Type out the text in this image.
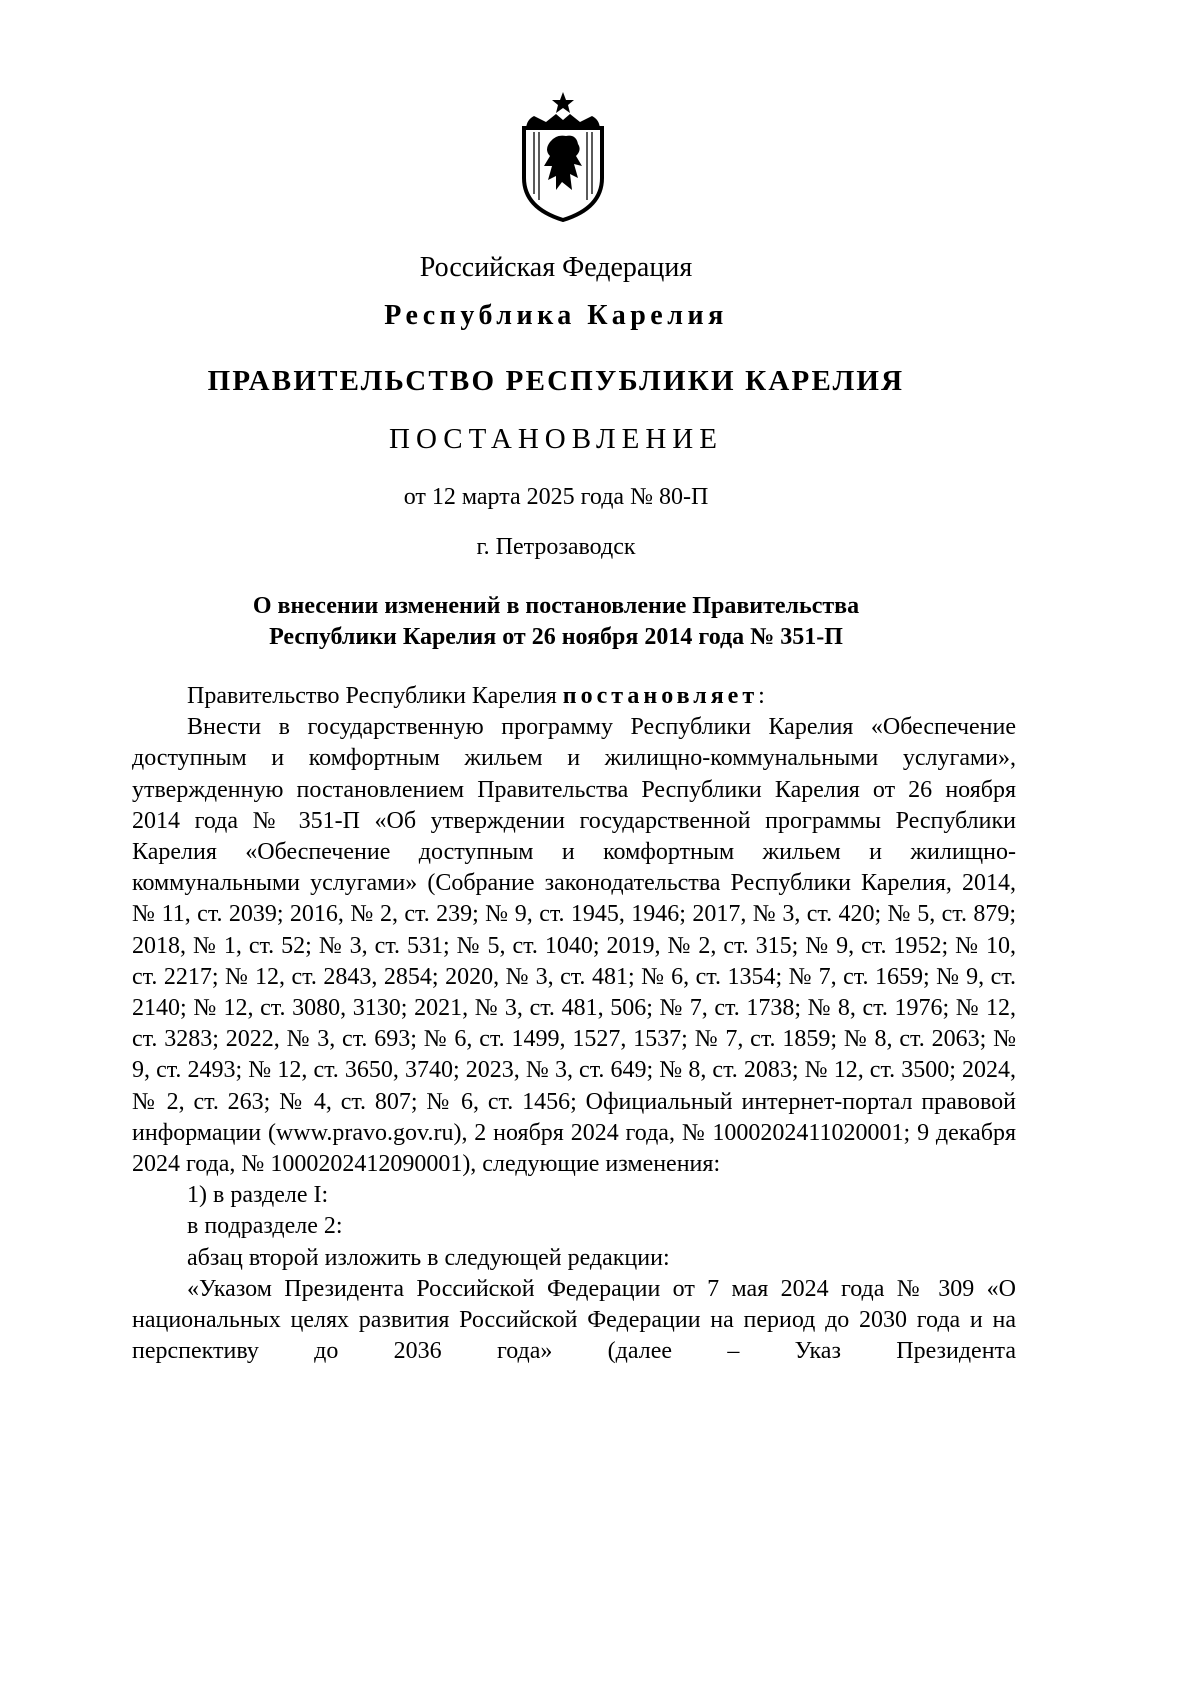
Российская Федерация
Республика Карелия
ПРАВИТЕЛЬСТВО РЕСПУБЛИКИ КАРЕЛИЯ
ПОСТАНОВЛЕНИЕ
от 12 марта 2025 года № 80-П
г. Петрозаводск
О внесении изменений в постановление Правительства
Республики Карелия от 26 ноября 2014 года № 351-П

Правительство Республики Карелия постановляет:

Внести в государственную программу Республики Карелия «Обеспечение доступным и комфортным жильем и жилищно-коммунальными услугами», утвержденную постановлением Правительства Республики Карелия от 26 ноября 2014 года № 351-П «Об утверждении государственной программы Республики Карелия «Обеспечение доступным и комфортным жильем и жилищно-коммунальными услугами» (Собрание законодательства Республики Карелия, 2014, № 11, ст. 2039; 2016, № 2, ст. 239; № 9, ст. 1945, 1946; 2017, № 3, ст. 420; № 5, ст. 879; 2018, № 1, ст. 52; № 3, ст. 531; № 5, ст. 1040; 2019, № 2, ст. 315; № 9, ст. 1952; № 10, ст. 2217; № 12, ст. 2843, 2854; 2020, № 3, ст. 481; № 6, ст. 1354; № 7, ст. 1659; № 9, ст. 2140; № 12, ст. 3080, 3130; 2021, № 3, ст. 481, 506; № 7, ст. 1738; № 8, ст. 1976; № 12, ст. 3283; 2022, № 3, ст. 693; № 6, ст. 1499, 1527, 1537; № 7, ст. 1859; № 8, ст. 2063; № 9, ст. 2493; № 12, ст. 3650, 3740; 2023, № 3, ст. 649; № 8, ст. 2083; № 12, ст. 3500; 2024, № 2, ст. 263; № 4, ст. 807; № 6, ст. 1456; Официальный интернет-портал правовой информации (www.pravo.gov.ru), 2 ноября 2024 года, № 1000202411020001; 9 декабря 2024 года, № 1000202412090001), следующие изменения:

1) в разделе I:

в подразделе 2:

абзац второй изложить в следующей редакции:

«Указом Президента Российской Федерации от 7 мая 2024 года № 309 «О национальных целях развития Российской Федерации на период до 2030 года и на перспективу до 2036 года» (далее – Указ Президента
